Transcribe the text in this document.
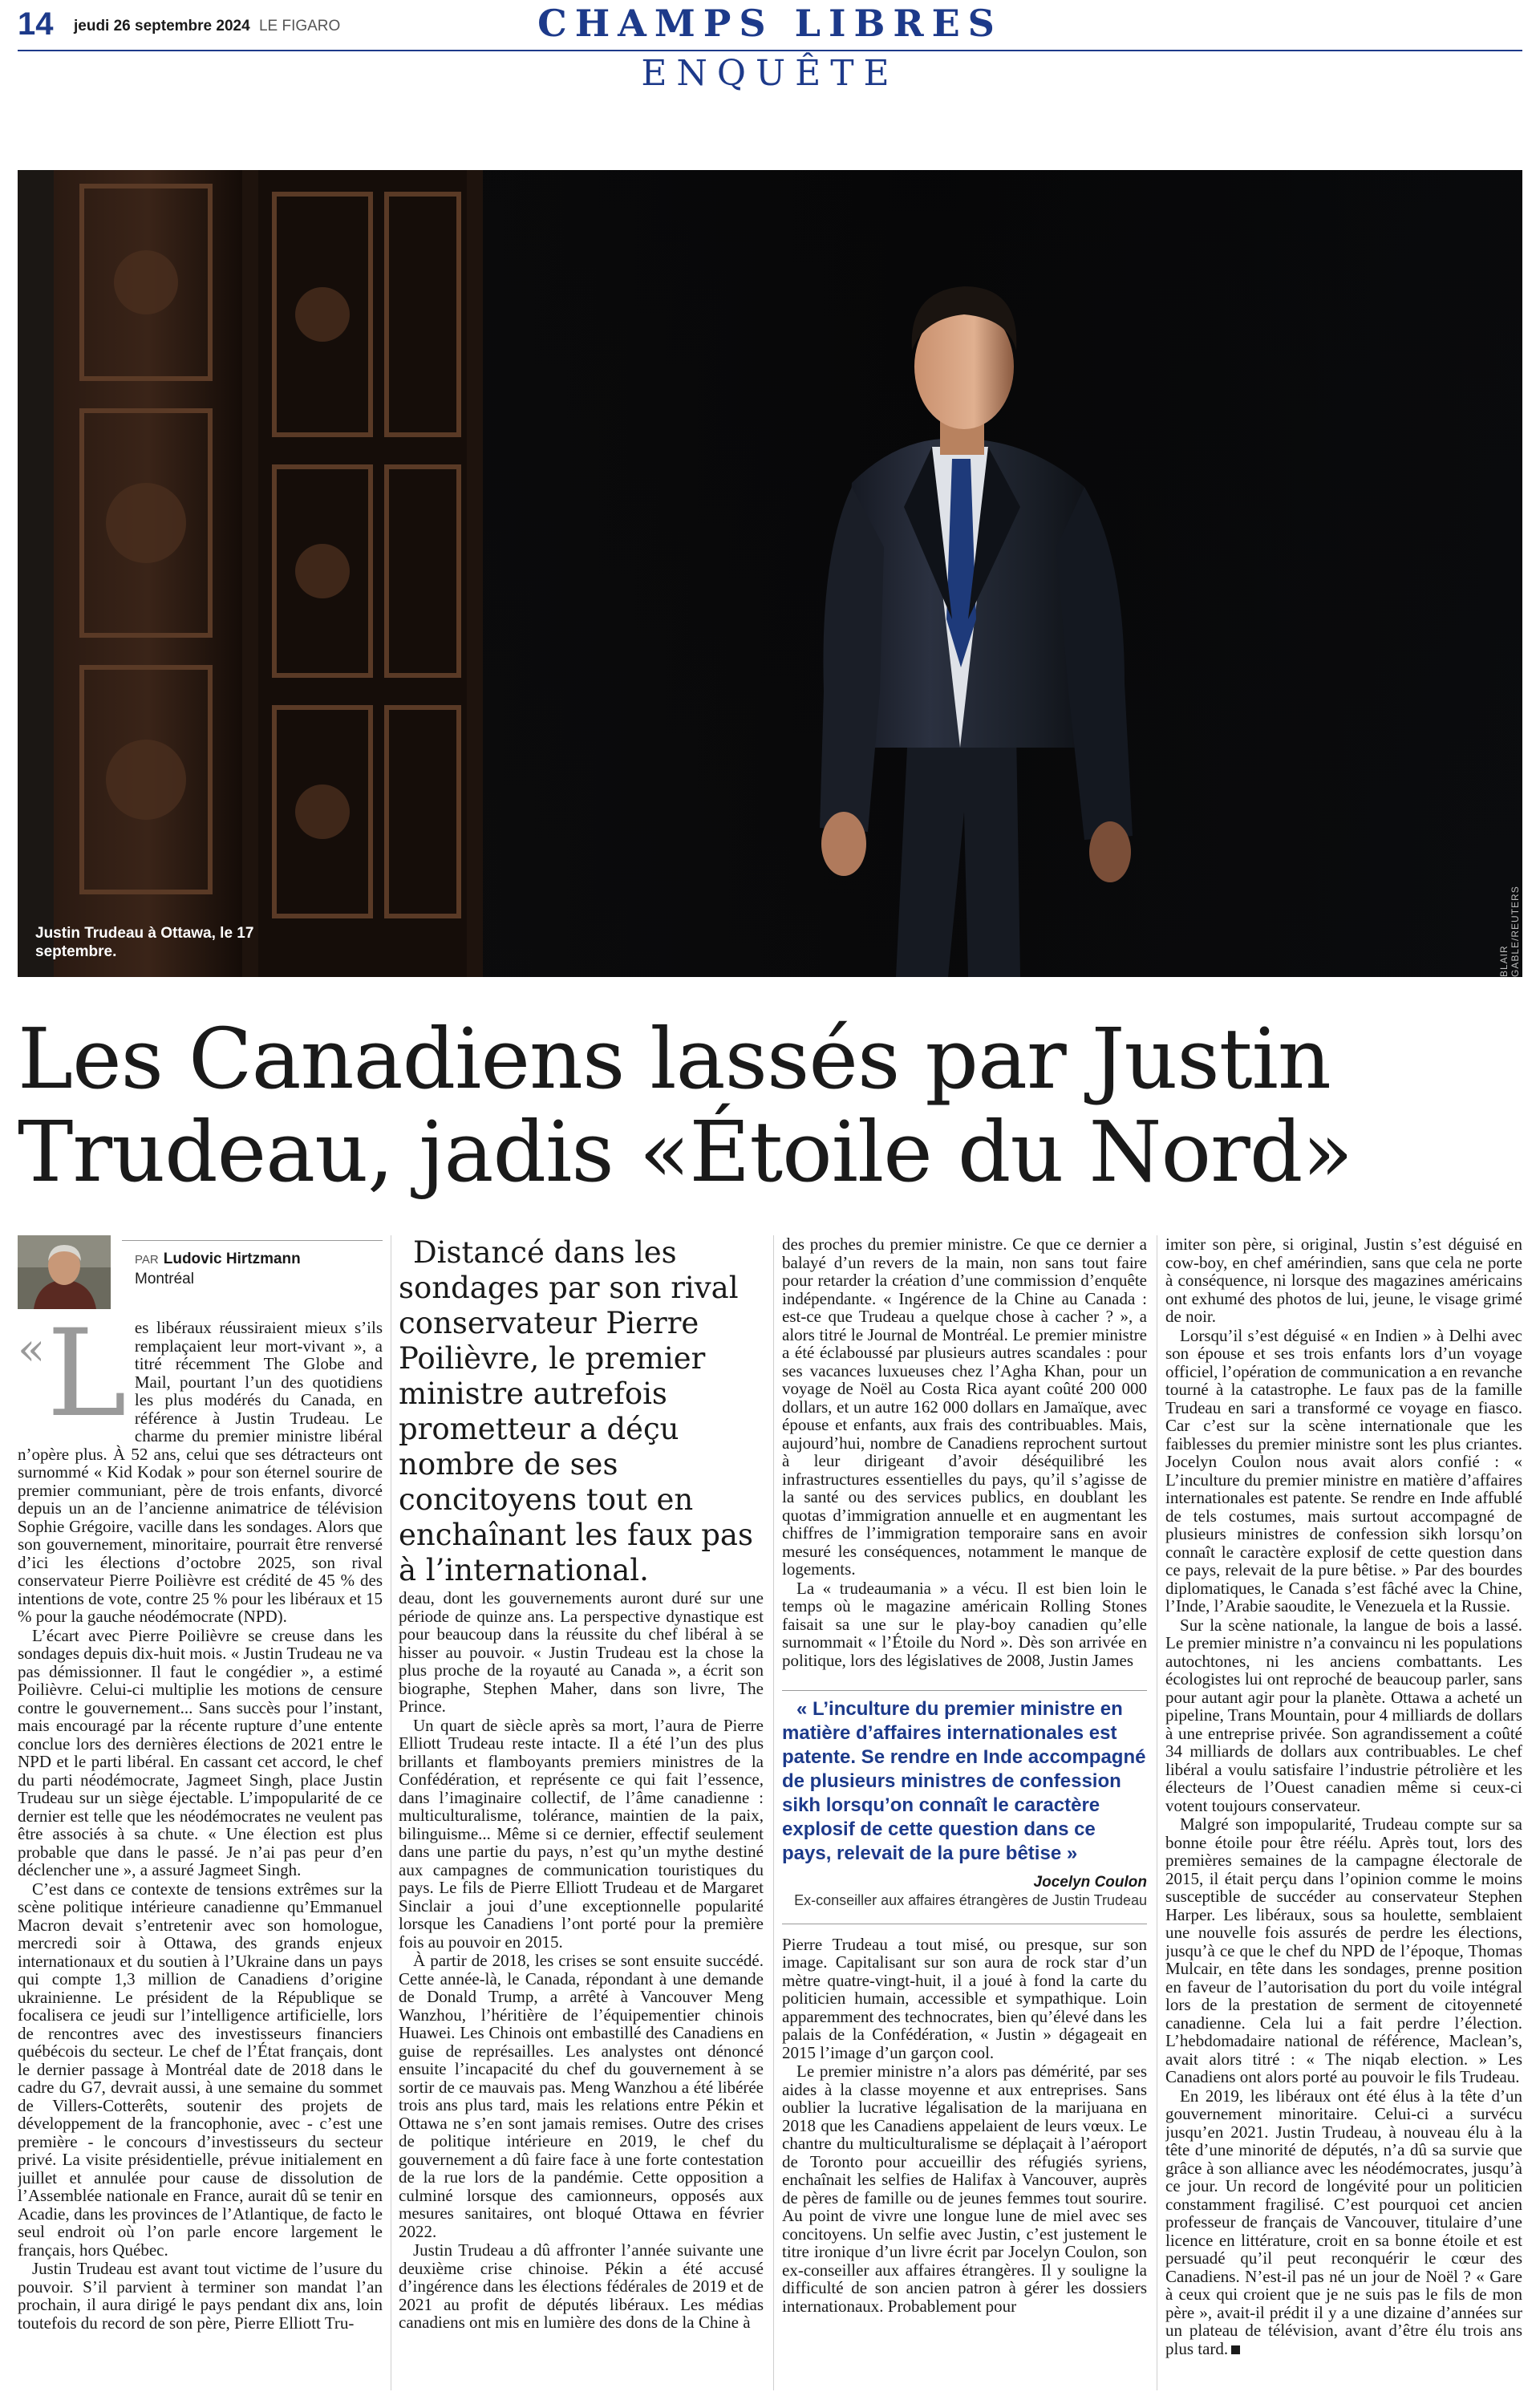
14 jeudi 26 septembre 2024 LE FIGARO	CHAMPS LIBRES
ENQUÊTE
Justin Trudeau à Ottawa, le 17 septembre.	BLAIR GABLE/REUTERS
Les Canadiens lassés par Justin Trudeau, jadis «Étoile du Nord»
PAR Ludovic Hirtzmann
Montréal
«L es libéraux réussiraient mieux s’ils remplaçaient leur mort-vivant », a titré récemment The Globe and Mail, pourtant l’un des quotidiens les plus modérés du Canada, en référence à Justin Trudeau. Le charme du premier ministre libéral n’opère plus. À 52 ans, celui que ses détracteurs ont surnommé « Kid Kodak » pour son éternel sourire de premier communiant, père de trois enfants, divorcé depuis un an de l’ancienne animatrice de télévision Sophie Grégoire, vacille dans les sondages. Alors que son gouvernement, minoritaire, pourrait être renversé d’ici les élections d’octobre 2025, son rival conservateur Pierre Poilièvre est crédité de 45 % des intentions de vote, contre 25 % pour les libéraux et 15 % pour la gauche néodémocrate (NPD).

L’écart avec Pierre Poilièvre se creuse dans les sondages depuis dix-huit mois. « Justin Trudeau ne va pas démissionner. Il faut le congédier », a estimé Poilièvre. Celui-ci multiplie les motions de censure contre le gouvernement... Sans succès pour l’instant, mais encouragé par la récente rupture d’une entente conclue lors des dernières élections de 2021 entre le NPD et le parti libéral. En cassant cet accord, le chef du parti néodémocrate, Jagmeet Singh, place Justin Trudeau sur un siège éjectable. L’impopularité de ce dernier est telle que les néodémocrates ne veulent pas être associés à sa chute. « Une élection est plus probable que dans le passé. Je n’ai pas peur d’en déclencher une », a assuré Jagmeet Singh.

C’est dans ce contexte de tensions extrêmes sur la scène politique intérieure canadienne qu’Emmanuel Macron devait s’entretenir avec son homologue, mercredi soir à Ottawa, des grands enjeux internationaux et du soutien à l’Ukraine dans un pays qui compte 1,3 million de Canadiens d’origine ukrainienne. Le président de la République se focalisera ce jeudi sur l’intelligence artificielle, lors de rencontres avec des investisseurs financiers québécois du secteur. Le chef de l’État français, dont le dernier passage à Montréal date de 2018 dans le cadre du G7, devrait aussi, à une semaine du sommet de Villers-Cotterêts, soutenir des projets de développement de la francophonie, avec - c’est une première - le concours d’investisseurs du secteur privé. La visite présidentielle, prévue initialement en juillet et annulée pour cause de dissolution de l’Assemblée nationale en France, aurait dû se tenir en Acadie, dans les provinces de l’Atlantique, de facto le seul endroit où l’on parle encore largement le français, hors Québec.

Justin Trudeau est avant tout victime de l’usure du pouvoir. S’il parvient à terminer son mandat l’an prochain, il aura dirigé le pays pendant dix ans, loin toutefois du record de son père, Pierre Elliott Tru-

Distancé dans les sondages par son rival conservateur Pierre Poilièvre, le premier ministre autrefois prometteur a déçu nombre de ses concitoyens tout en enchaînant les faux pas à l’international.

deau, dont les gouvernements auront duré sur une période de quinze ans. La perspective dynastique est pour beaucoup dans la réussite du chef libéral à se hisser au pouvoir. « Justin Trudeau est la chose la plus proche de la royauté au Canada », a écrit son biographe, Stephen Maher, dans son livre, The Prince.

Un quart de siècle après sa mort, l’aura de Pierre Elliott Trudeau reste intacte. Il a été l’un des plus brillants et flamboyants premiers ministres de la Confédération, et représente ce qui fait l’essence, dans l’imaginaire collectif, de l’âme canadienne : multiculturalisme, tolérance, maintien de la paix, bilinguisme... Même si ce dernier, effectif seulement dans une partie du pays, n’est qu’un mythe destiné aux campagnes de communication touristiques du pays. Le fils de Pierre Elliott Trudeau et de Margaret Sinclair a joui d’une exceptionnelle popularité lorsque les Canadiens l’ont porté pour la première fois au pouvoir en 2015.

À partir de 2018, les crises se sont ensuite succédé. Cette année-là, le Canada, répondant à une demande de Donald Trump, a arrêté à Vancouver Meng Wanzhou, l’héritière de l’équipementier chinois Huawei. Les Chinois ont embastillé des Canadiens en guise de représailles. Les analystes ont dénoncé ensuite l’incapacité du chef du gouvernement à se sortir de ce mauvais pas. Meng Wanzhou a été libérée trois ans plus tard, mais les relations entre Pékin et Ottawa ne s’en sont jamais remises. Outre des crises de politique intérieure en 2019, le chef du gouvernement a dû faire face à une forte contestation de la rue lors de la pandémie. Cette opposition a culminé lorsque des camionneurs, opposés aux mesures sanitaires, ont bloqué Ottawa en février 2022.

Justin Trudeau a dû affronter l’année suivante une deuxième crise chinoise. Pékin a été accusé d’ingérence dans les élections fédérales de 2019 et de 2021 au profit de députés libéraux. Les médias canadiens ont mis en lumière des dons de la Chine à

des proches du premier ministre. Ce que ce dernier a balayé d’un revers de la main, non sans tout faire pour retarder la création d’une commission d’enquête indépendante. « Ingérence de la Chine au Canada : est-ce que Trudeau a quelque chose à cacher ? », a alors titré le Journal de Montréal. Le premier ministre a été éclaboussé par plusieurs autres scandales : pour ses vacances luxueuses chez l’Agha Khan, pour un voyage de Noël au Costa Rica ayant coûté 200 000 dollars, et un autre 162 000 dollars en Jamaïque, avec épouse et enfants, aux frais des contribuables. Mais, aujourd’hui, nombre de Canadiens reprochent surtout à leur dirigeant d’avoir déséquilibré les infrastructures essentielles du pays, qu’il s’agisse de la santé ou des services publics, en doublant les quotas d’immigration annuelle et en augmentant les chiffres de l’immigration temporaire sans en avoir mesuré les conséquences, notamment le manque de logements.

La « trudeaumania » a vécu. Il est bien loin le temps où le magazine américain Rolling Stones faisait sa une sur le play-boy canadien qu’elle surnommait « l’Étoile du Nord ». Dès son arrivée en politique, lors des législatives de 2008, Justin James

« L’inculture du premier ministre en matière d’affaires internationales est patente. Se rendre en Inde accompagné de plusieurs ministres de confession sikh lorsqu’on connaît le caractère explosif de cette question dans ce pays, relevait de la pure bêtise »

Jocelyn Coulon
Ex-conseiller aux affaires étrangères de Justin Trudeau

Pierre Trudeau a tout misé, ou presque, sur son image. Capitalisant sur son aura de rock star d’un mètre quatre-vingt-huit, il a joué à fond la carte du politicien humain, accessible et sympathique. Loin apparemment des technocrates, bien qu’élevé dans les palais de la Confédération, « Justin » dégageait en 2015 l’image d’un garçon cool.

Le premier ministre n’a alors pas démérité, par ses aides à la classe moyenne et aux entreprises. Sans oublier la lucrative légalisation de la marijuana en 2018 que les Canadiens appelaient de leurs vœux. Le chantre du multiculturalisme se déplaçait à l’aéroport de Toronto pour accueillir des réfugiés syriens, enchaînait les selfies de Halifax à Vancouver, auprès de pères de famille ou de jeunes femmes tout sourire. Au point de vivre une longue lune de miel avec ses concitoyens. Un selfie avec Justin, c’est justement le titre ironique d’un livre écrit par Jocelyn Coulon, son ex-conseiller aux affaires étrangères. Il y souligne la difficulté de son ancien patron à gérer les dossiers internationaux. Probablement pour

imiter son père, si original, Justin s’est déguisé en cow-boy, en chef amérindien, sans que cela ne porte à conséquence, ni lorsque des magazines américains ont exhumé des photos de lui, jeune, le visage grimé de noir.

Lorsqu’il s’est déguisé « en Indien » à Delhi avec son épouse et ses trois enfants lors d’un voyage officiel, l’opération de communication a en revanche tourné à la catastrophe. Le faux pas de la famille Trudeau en sari a transformé ce voyage en fiasco. Car c’est sur la scène internationale que les faiblesses du premier ministre sont les plus criantes. Jocelyn Coulon nous avait alors confié : « L’inculture du premier ministre en matière d’affaires internationales est patente. Se rendre en Inde affublé de tels costumes, mais surtout accompagné de plusieurs ministres de confession sikh lorsqu’on connaît le caractère explosif de cette question dans ce pays, relevait de la pure bêtise. » Par des bourdes diplomatiques, le Canada s’est fâché avec la Chine, l’Inde, l’Arabie saoudite, le Venezuela et la Russie.

Sur la scène nationale, la langue de bois a lassé. Le premier ministre n’a convaincu ni les populations autochtones, ni les anciens combattants. Les écologistes lui ont reproché de beaucoup parler, sans pour autant agir pour la planète. Ottawa a acheté un pipeline, Trans Mountain, pour 4 milliards de dollars à une entreprise privée. Son agrandissement a coûté 34 milliards de dollars aux contribuables. Le chef libéral a voulu satisfaire l’industrie pétrolière et les électeurs de l’Ouest canadien même si ceux-ci votent toujours conservateur.

Malgré son impopularité, Trudeau compte sur sa bonne étoile pour être réélu. Après tout, lors des premières semaines de la campagne électorale de 2015, il était perçu dans l’opinion comme le moins susceptible de succéder au conservateur Stephen Harper. Les libéraux, sous sa houlette, semblaient une nouvelle fois assurés de perdre les élections, jusqu’à ce que le chef du NPD de l’époque, Thomas Mulcair, en tête dans les sondages, prenne position en faveur de l’autorisation du port du voile intégral lors de la prestation de serment de citoyenneté canadienne. Cela lui a fait perdre l’élection. L’hebdomadaire national de référence, Maclean’s, avait alors titré : « The niqab election. » Les Canadiens ont alors porté au pouvoir le fils Trudeau.

En 2019, les libéraux ont été élus à la tête d’un gouvernement minoritaire. Celui-ci a survécu jusqu’en 2021. Justin Trudeau, à nouveau élu à la tête d’une minorité de députés, n’a dû sa survie que grâce à son alliance avec les néodémocrates, jusqu’à ce jour. Un record de longévité pour un politicien constamment fragilisé. C’est pourquoi cet ancien professeur de français de Vancouver, titulaire d’une licence en littérature, croit en sa bonne étoile et est persuadé qu’il peut reconquérir le cœur des Canadiens. N’est-il pas né un jour de Noël ? « Gare à ceux qui croient que je ne suis pas le fils de mon père », avait-il prédit il y a une dizaine d’années sur un plateau de télévision, avant d’être élu trois ans plus tard.
